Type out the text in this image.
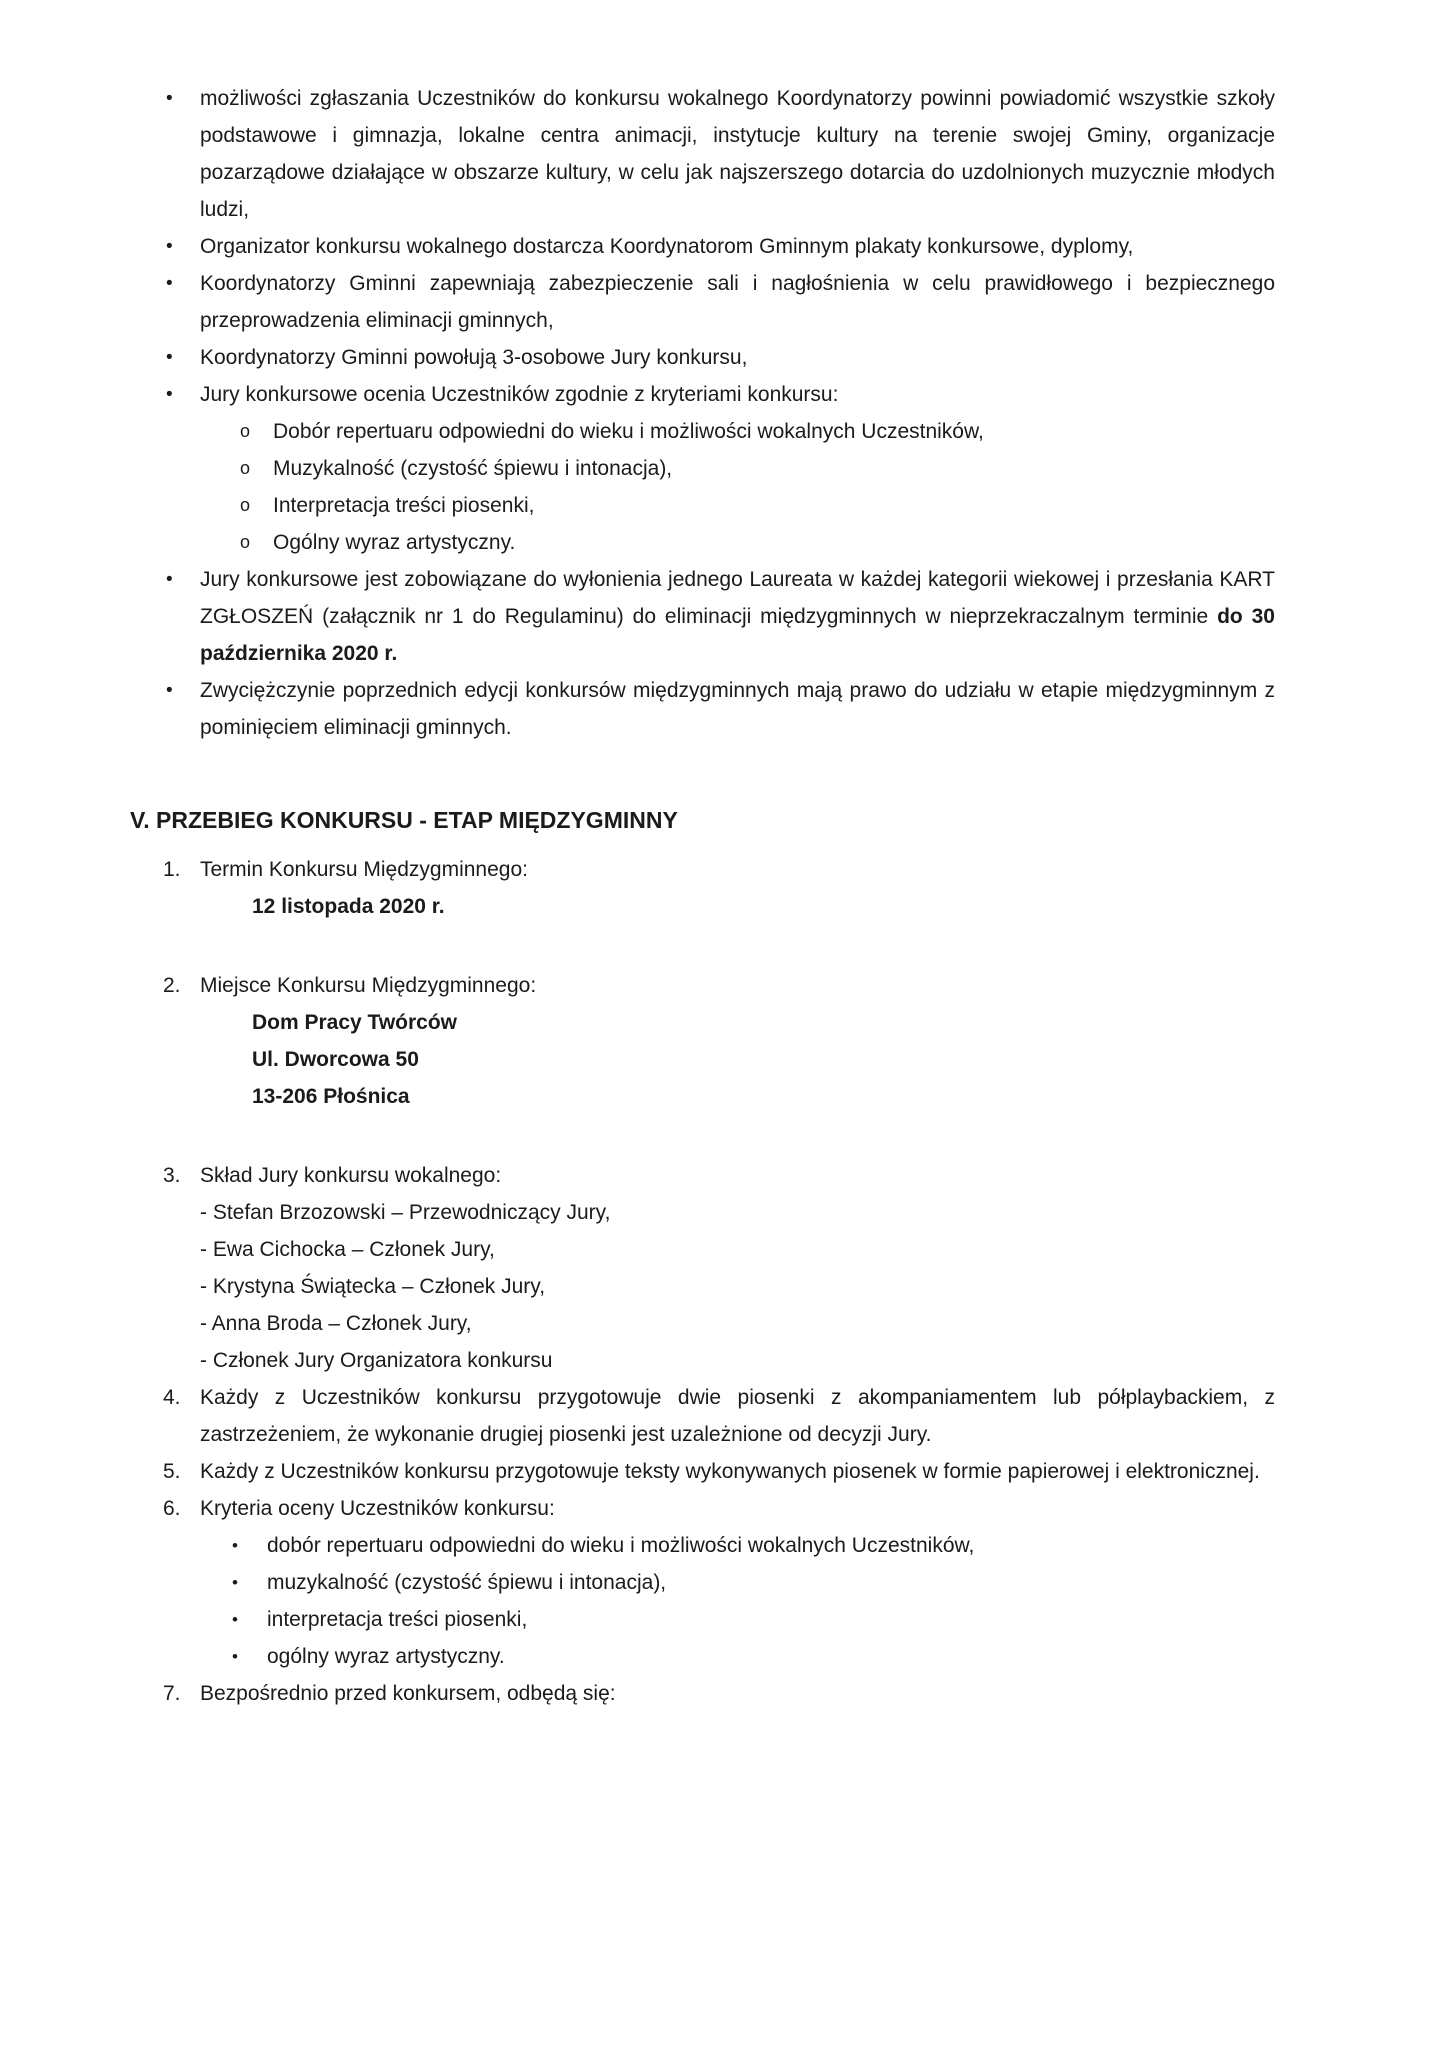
• możliwości zgłaszania Uczestników do konkursu wokalnego Koordynatorzy powinni powiadomić wszystkie szkoły podstawowe i gimnazja, lokalne centra animacji, instytucje kultury na terenie swojej Gminy, organizacje pozarządowe działające w obszarze kultury, w celu jak najszerszego dotarcia do uzdolnionych muzycznie młodych ludzi,
• Organizator konkursu wokalnego dostarcza Koordynatorom Gminnym plakaty konkursowe, dyplomy,
• Koordynatorzy Gminni zapewniają zabezpieczenie sali i nagłośnienia w celu prawidłowego i bezpiecznego przeprowadzenia eliminacji gminnych,
• Koordynatorzy Gminni powołują 3-osobowe Jury konkursu,
• Jury konkursowe ocenia Uczestników zgodnie z kryteriami konkursu:
o Dobór repertuaru odpowiedni do wieku i możliwości wokalnych Uczestników,
o Muzykalność (czystość śpiewu i intonacja),
o Interpretacja treści piosenki,
o Ogólny wyraz artystyczny.
• Jury konkursowe jest zobowiązane do wyłonienia jednego Laureata w każdej kategorii wiekowej i przesłania KART ZGŁOSZEŃ (załącznik nr 1 do Regulaminu) do eliminacji międzygminnych w nieprzekraczalnym terminie do 30 października 2020 r.
• Zwyciężczynie poprzednich edycji konkursów międzygminnych mają prawo do udziału w etapie międzygminnym z pominięciem eliminacji gminnych.
V. PRZEBIEG KONKURSU - ETAP MIĘDZYGMINNY
1. Termin Konkursu Międzygminnego:
12 listopada 2020 r.
2. Miejsce Konkursu Międzygminnego:
Dom Pracy Twórców
Ul. Dworcowa 50
13-206 Płośnica
3. Skład Jury konkursu wokalnego:
- Stefan Brzozowski – Przewodniczący Jury,
- Ewa Cichocka – Członek Jury,
- Krystyna Świątecka – Członek Jury,
- Anna Broda – Członek Jury,
- Członek Jury Organizatora konkursu
4. Każdy z Uczestników konkursu przygotowuje dwie piosenki z akompaniamentem lub półplaybackiem, z zastrzeżeniem, że wykonanie drugiej piosenki jest uzależnione od decyzji Jury.
5. Każdy z Uczestników konkursu przygotowuje teksty wykonywanych piosenek w formie papierowej i elektronicznej.
6. Kryteria oceny Uczestników konkursu:
• dobór repertuaru odpowiedni do wieku i możliwości wokalnych Uczestników,
• muzykalność (czystość śpiewu i intonacja),
• interpretacja treści piosenki,
• ogólny wyraz artystyczny.
7. Bezpośrednio przed konkursem, odbędą się:
